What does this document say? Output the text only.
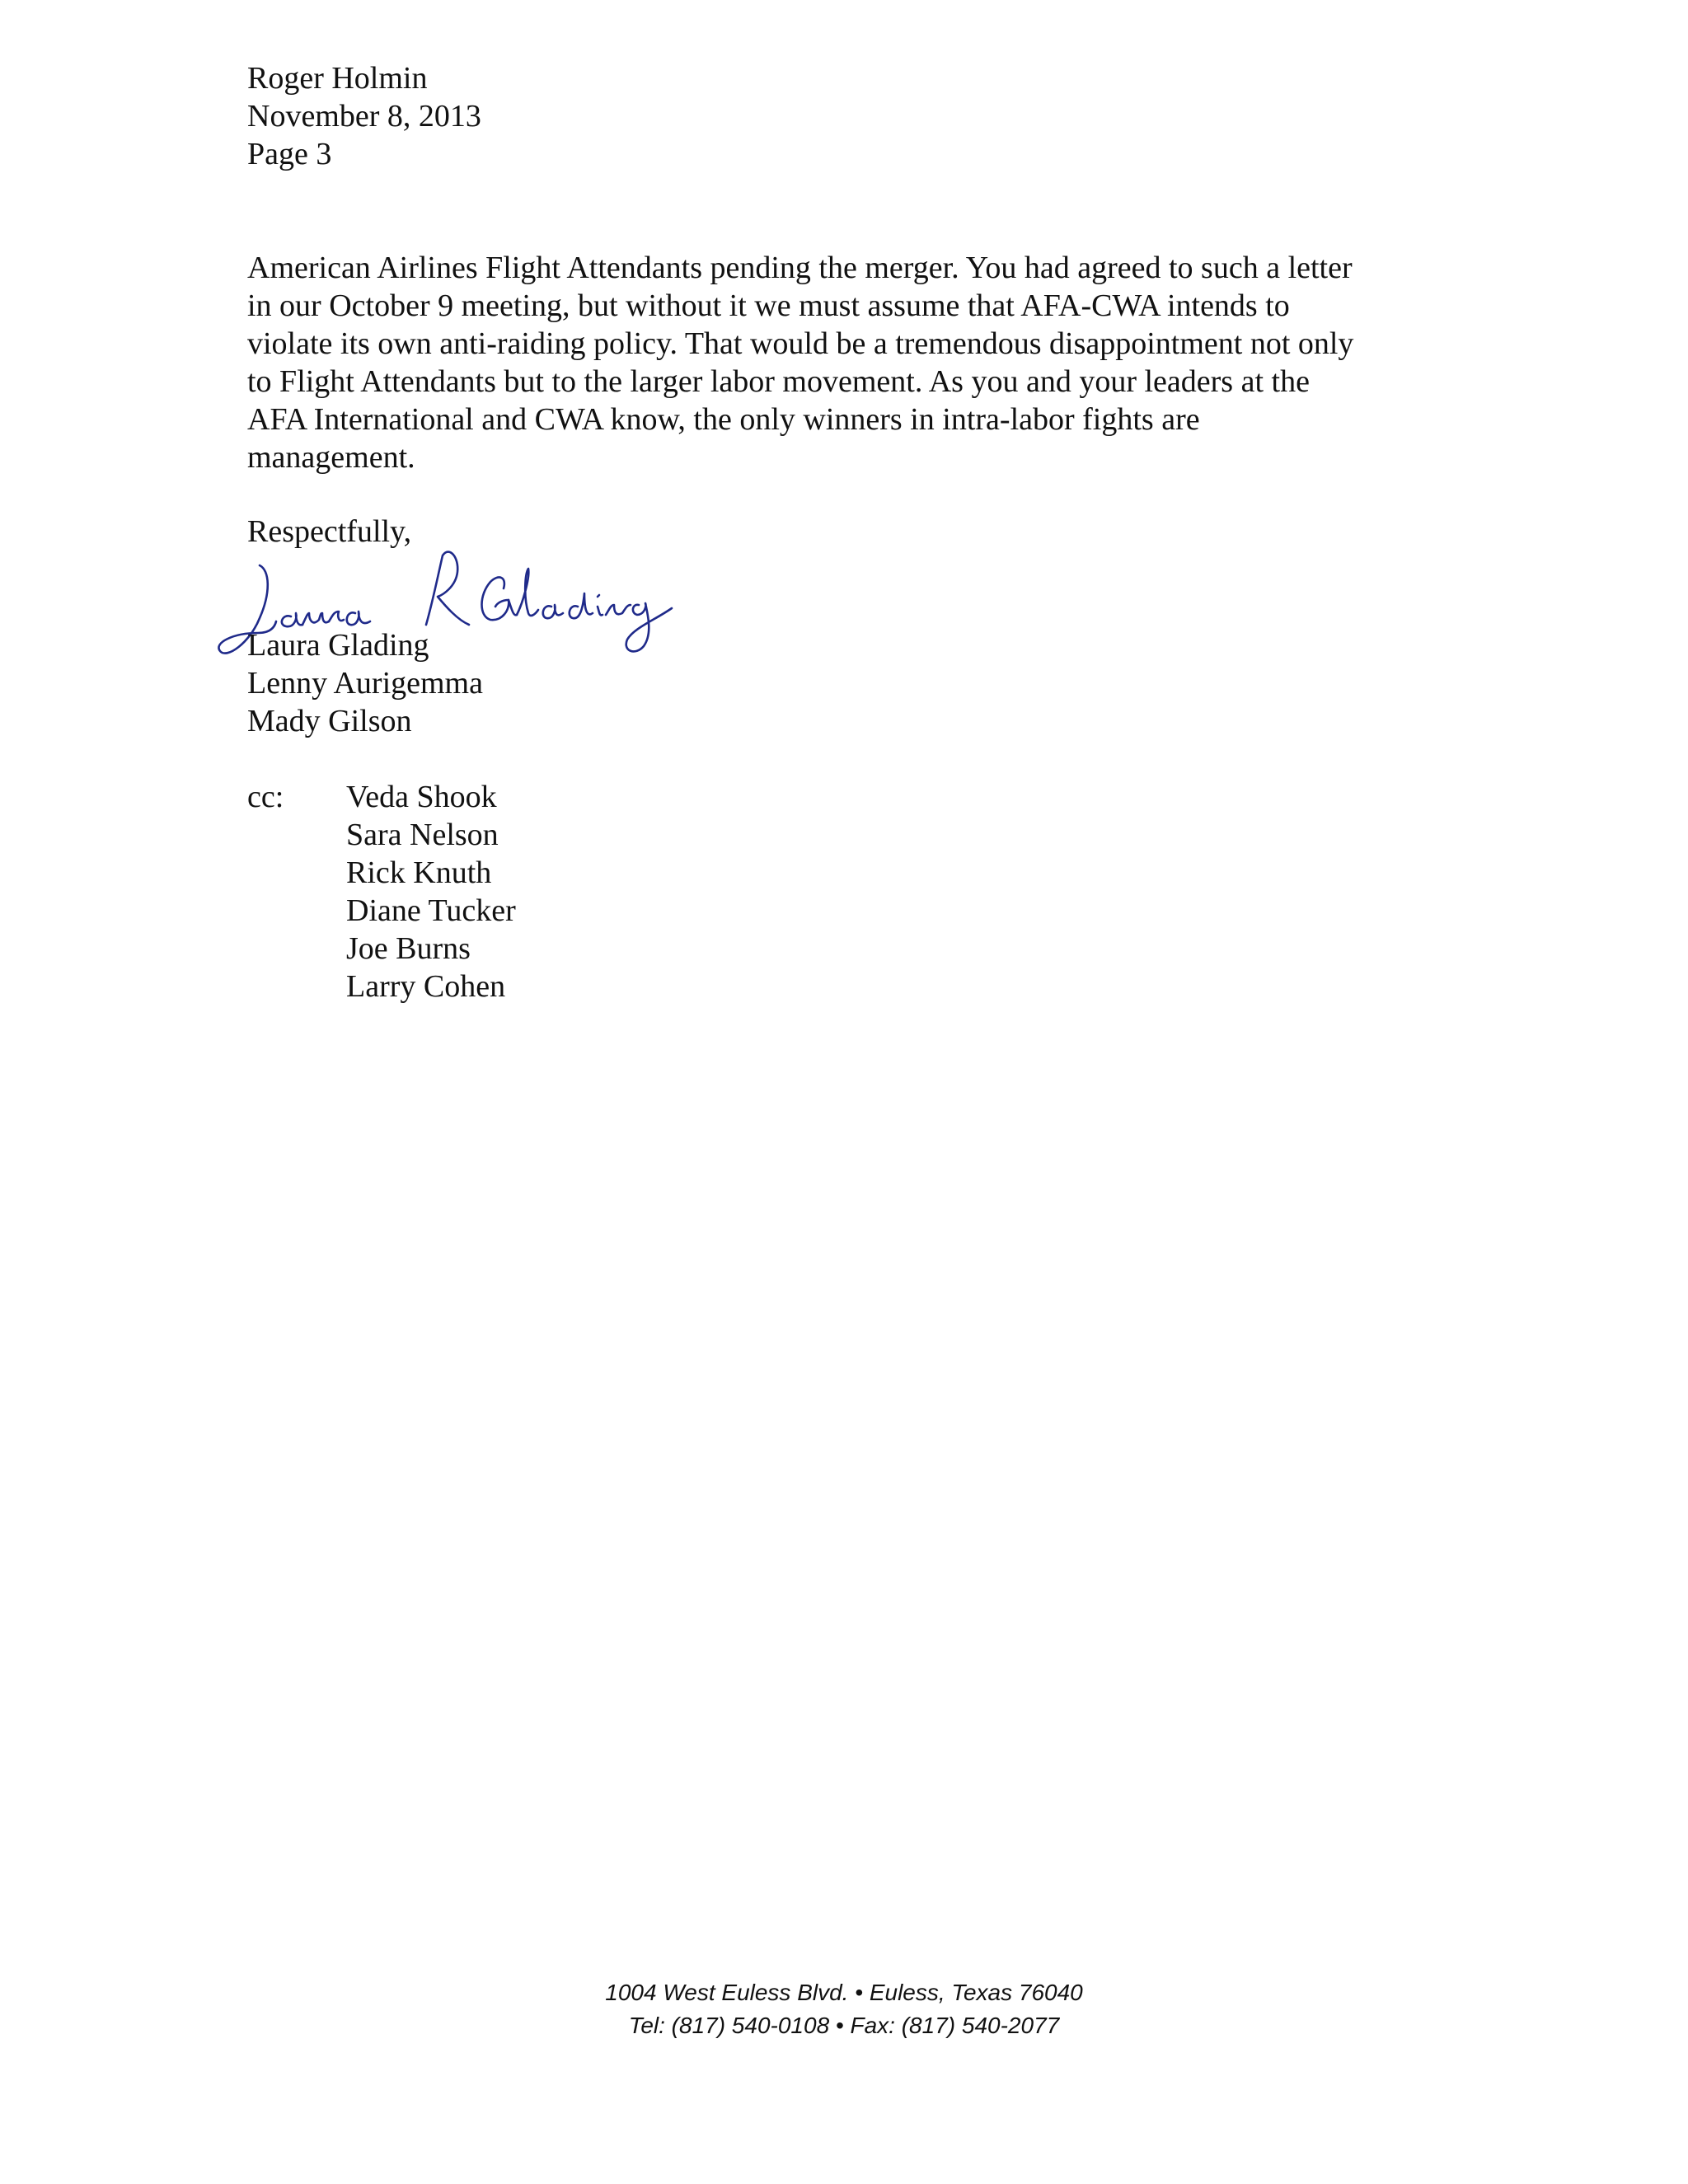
Roger Holmin
November 8, 2013
Page 3
American Airlines Flight Attendants pending the merger. You had agreed to such a letter
in our October 9 meeting, but without it we must assume that AFA-CWA intends to
violate its own anti-raiding policy. That would be a tremendous disappointment not only
to Flight Attendants but to the larger labor movement. As you and your leaders at the
AFA International and CWA know, the only winners in intra-labor fights are
management.
Respectfully,
Laura Glading
Lenny Aurigemma
Mady Gilson
cc: Veda Shook
Sara Nelson
Rick Knuth
Diane Tucker
Joe Burns
Larry Cohen
1004 West Euless Blvd. • Euless, Texas 76040
Tel: (817) 540-0108 • Fax: (817) 540-2077
